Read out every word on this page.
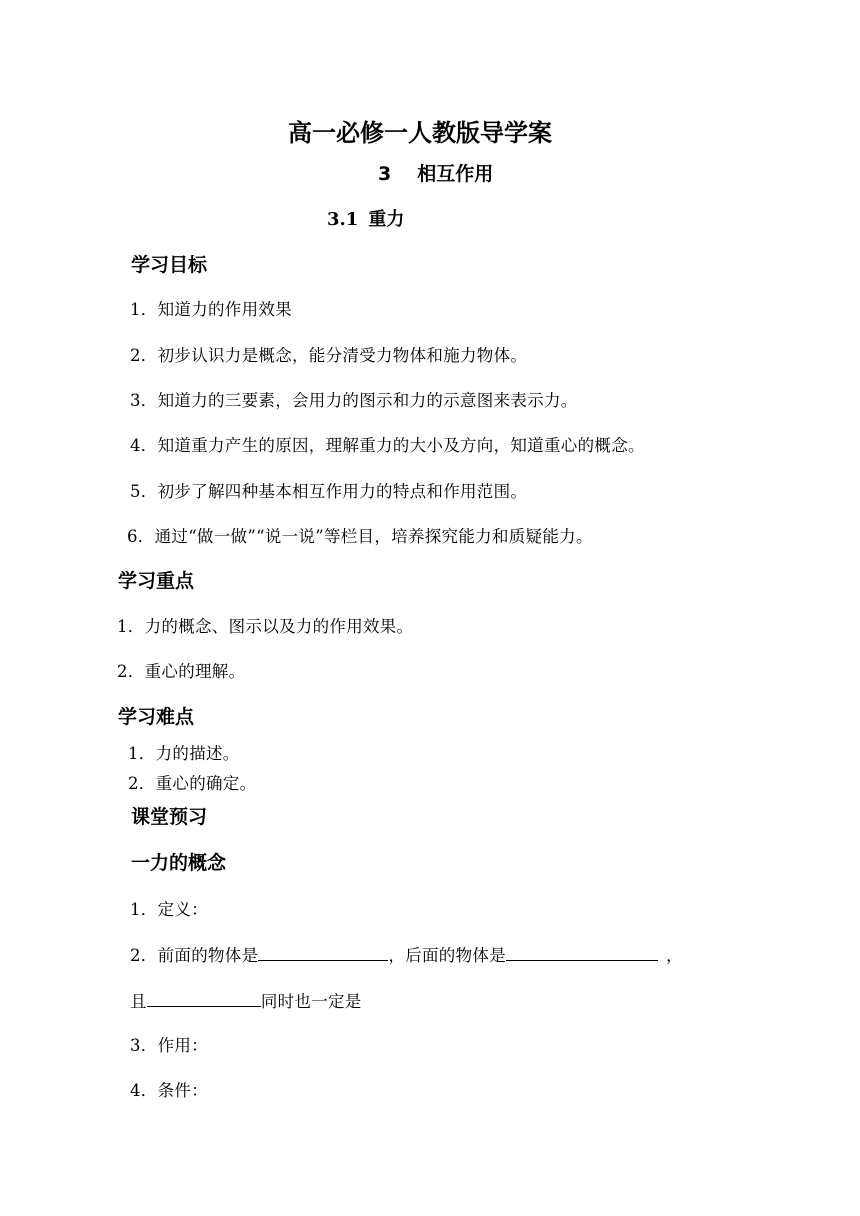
高一必修一人教版导学案
3 相互作用
3.1 重力
学习目标
1．知道力的作用效果
2．初步认识力是概念，能分清受力物体和施力物体。
3．知道力的三要素，会用力的图示和力的示意图来表示力。
4．知道重力产生的原因，理解重力的大小及方向，知道重心的概念。
5．初步了解四种基本相互作用力的特点和作用范围。
6．通过“做一做”“说一说”等栏目，培养探究能力和质疑能力。
学习重点
1．力的概念、图示以及力的作用效果。
2．重心的理解。
学习难点
1．力的描述。
2．重心的确定。
课堂预习
一力的概念
1．定义：
2．前面的物体是	，后面的物体是	，
且	同时也一定是
3．作用：
4．条件：
